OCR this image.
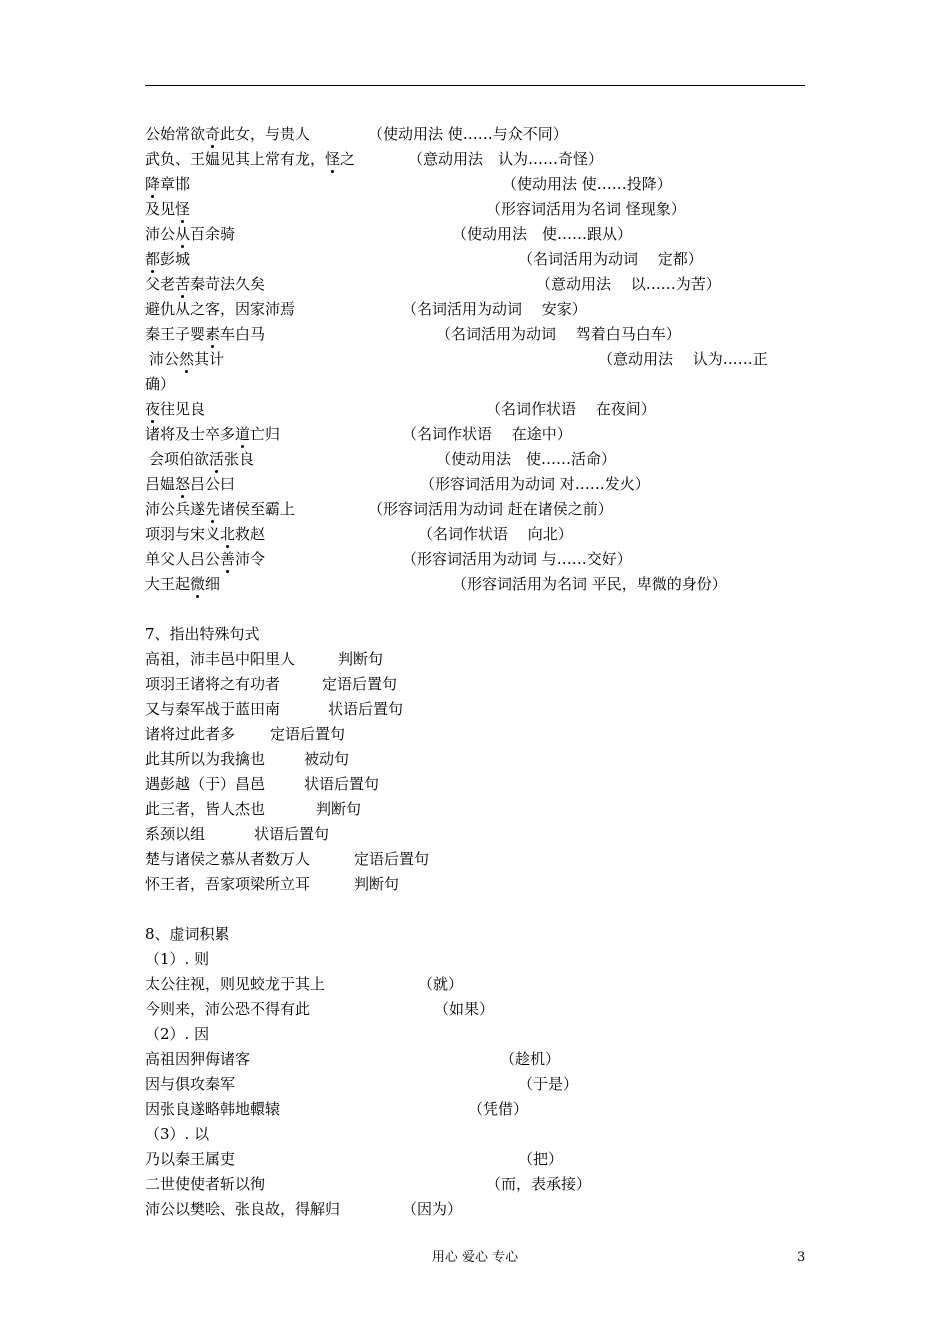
公始常欲奇此女，与贵人	（使动用法 使……与众不同）
武负、王媪见其上常有龙，怪之	（意动用法　认为……奇怪）
降章邯	（使动用法 使……投降）
及见怪	（形容词活用为名词 怪现象）
沛公从百余骑	（使动用法　使……跟从）
都彭城	（名词活用为动词　 定都）
父老苦秦苛法久矣	（意动用法　 以……为苦）
避仇从之客，因家沛焉	（名词活用为动词　 安家）
秦王子婴素车白马	（名词活用为动词　 驾着白马白车）
沛公然其计	（意动用法　 认为……正
确）
夜往见良	（名词作状语　 在夜间）
诸将及士卒多道亡归	（名词作状语　 在途中）
会项伯欲活张良	（使动用法　使……活命）
吕媪怒吕公曰	（形容词活用为动词 对……发火）
沛公兵遂先诸侯至霸上	（形容词活用为动词 赶在诸侯之前）
项羽与宋义北救赵	（名词作状语　 向北）
单父人吕公善沛令	（形容词活用为动词 与……交好）
大王起微细	（形容词活用为名词 平民，卑微的身份）
7、指出特殊句式
高祖，沛丰邑中阳里人	判断句
项羽王诸将之有功者	定语后置句
又与秦军战于蓝田南	状语后置句
诸将过此者多 定语后置句
此其所以为我擒也	被动句
遇彭越（于）昌邑	状语后置句
此三者，皆人杰也	判断句
系颈以组	状语后置句
楚与诸侯之慕从者数万人	定语后置句
怀王者，吾家项梁所立耳	判断句
8、虚词积累
（1）. 则
太公往视，则见蛟龙于其上	（就）
今则来，沛公恐不得有此	（如果）
（2）. 因
高祖因狎侮诸客	（趁机）
因与俱攻秦军	（于是）
因张良遂略韩地轘辕	（凭借）
（3）. 以
乃以秦王属吏	（把）
二世使使者斩以徇	（而，表承接）
沛公以樊哙、张良故，得解归	（因为）
用心 爱心 专心	3
